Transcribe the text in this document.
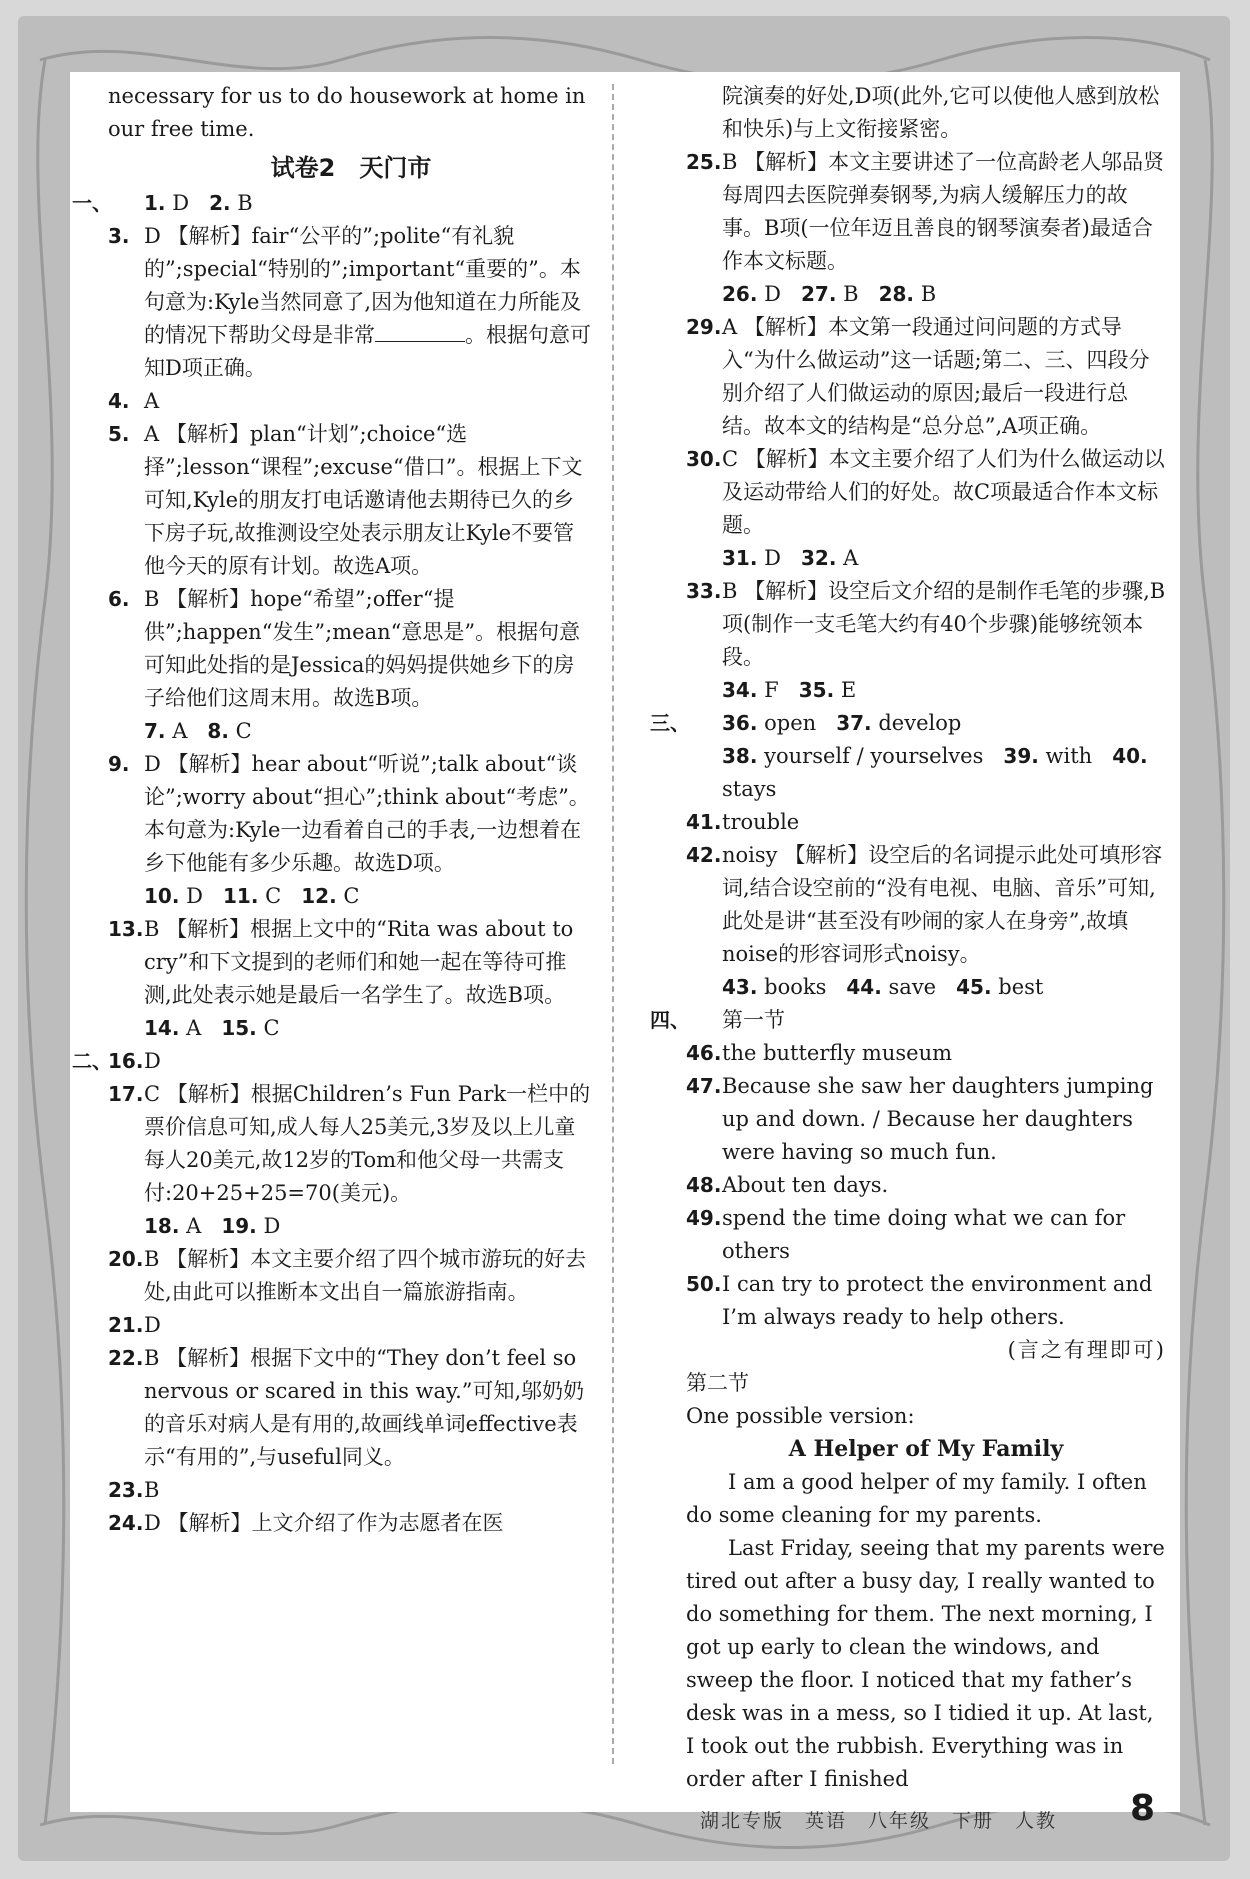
necessary for us to do housework at home in our free time.

试卷2　天门市
一、 1. D 2. B
3. D 【解析】fair“公平的”;polite“有礼貌的”;special“特别的”;important“重要的”。本句意为:Kyle当然同意了,因为他知道在力所能及的情况下帮助父母是非常	。根据句意可知D项正确。
4. A
5. A 【解析】plan“计划”;choice“选择”;lesson“课程”;excuse“借口”。根据上下文可知,Kyle的朋友打电话邀请他去期待已久的乡下房子玩,故推测设空处表示朋友让Kyle不要管他今天的原有计划。故选A项。
6. B 【解析】hope“希望”;offer“提供”;happen“发生”;mean“意思是”。根据句意可知此处指的是Jessica的妈妈提供她乡下的房子给他们这周末用。故选B项。
7. A 8. C
9. D 【解析】hear about“听说”;talk about“谈论”;worry about“担心”;think about“考虑”。本句意为:Kyle一边看着自己的手表,一边想着在乡下他能有多少乐趣。故选D项。
10. D 11. C 12. C
13. B 【解析】根据上文中的“Rita was about to cry”和下文提到的老师们和她一起在等待可推测,此处表示她是最后一名学生了。故选B项。
14. A 15. C
二、
16. D
17. C 【解析】根据Children’s Fun Park一栏中的票价信息可知,成人每人25美元,3岁及以上儿童每人20美元,故12岁的Tom和他父母一共需支付:20+25+25=70(美元)。
18. A 19. D
20. B 【解析】本文主要介绍了四个城市游玩的好去处,由此可以推断本文出自一篇旅游指南。
21. D
22. B 【解析】根据下文中的“They don’t feel so nervous or scared in this way.”可知,邬奶奶的音乐对病人是有用的,故画线单词effective表示“有用的”,与useful同义。
23. B
24. D 【解析】上文介绍了作为志愿者在医
院演奏的好处,D项(此外,它可以使他人感到放松和快乐)与上文衔接紧密。
25. B 【解析】本文主要讲述了一位高龄老人邬品贤每周四去医院弹奏钢琴,为病人缓解压力的故事。B项(一位年迈且善良的钢琴演奏者)最适合作本文标题。
26. D 27. B 28. B
29. A 【解析】本文第一段通过问问题的方式导入“为什么做运动”这一话题;第二、三、四段分别介绍了人们做运动的原因;最后一段进行总结。故本文的结构是“总分总”,A项正确。
30. C 【解析】本文主要介绍了人们为什么做运动以及运动带给人们的好处。故C项最适合作本文标题。
31. D 32. A
33. B 【解析】设空后文介绍的是制作毛笔的步骤,B项(制作一支毛笔大约有40个步骤)能够统领本段。
34. F 35. E
三、 36. open 37. develop
38. yourself / yourselves 39. with 40. stays
41. trouble
42. noisy 【解析】设空后的名词提示此处可填形容词,结合设空前的“没有电视、电脑、音乐”可知,此处是讲“甚至没有吵闹的家人在身旁”,故填noise的形容词形式noisy。
43. books 44. save 45. best
四、 第一节
46. the butterfly museum
47. Because she saw her daughters jumping up and down. / Because her daughters were having so much fun.
48. About ten days.
49. spend the time doing what we can for others
50. I can try to protect the environment and I’m always ready to help others.
(言之有理即可)
第二节
One possible version:
A Helper of My Family

I am a good helper of my family. I often do some cleaning for my parents.

Last Friday, seeing that my parents were tired out after a busy day, I really wanted to do something for them. The next morning, I got up early to clean the windows, and sweep the floor. I noticed that my father’s desk was in a mess, so I tidied it up. At last, I took out the rubbish. Everything was in order after I finished

湖北专版　英语　八年级　下册　人教 8
